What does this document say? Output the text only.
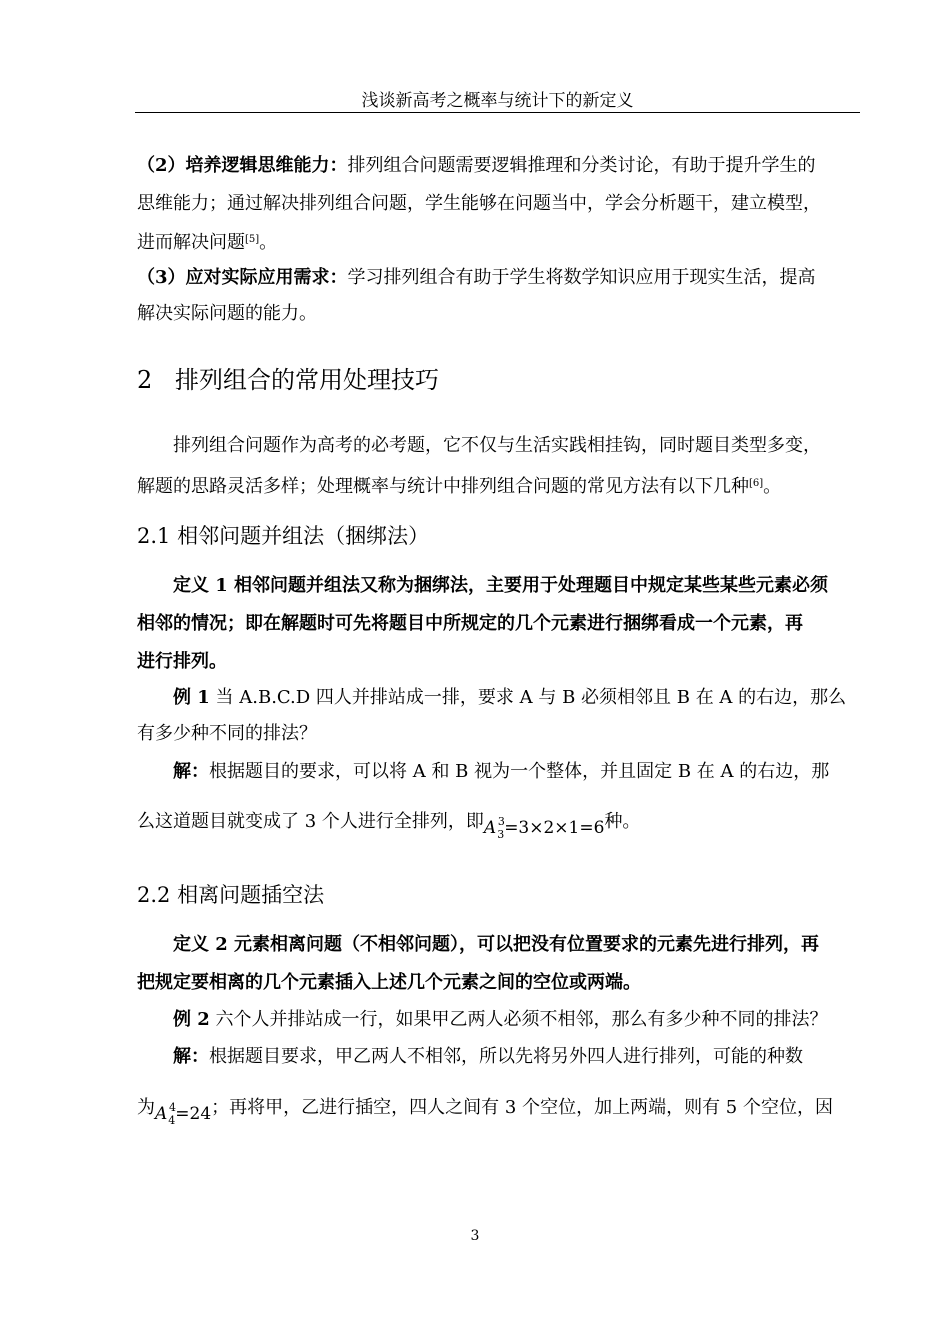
浅谈新高考之概率与统计下的新定义
（2）培养逻辑思维能力：排列组合问题需要逻辑推理和分类讨论，有助于提升学生的
思维能力；通过解决排列组合问题，学生能够在问题当中，学会分析题干，建立模型，
进而解决问题[5]。
（3）应对实际应用需求：学习排列组合有助于学生将数学知识应用于现实生活，提高
解决实际问题的能力。
2 排列组合的常用处理技巧
排列组合问题作为高考的必考题，它不仅与生活实践相挂钩，同时题目类型多变，
解题的思路灵活多样；处理概率与统计中排列组合问题的常见方法有以下几种[6]。
2.1 相邻问题并组法（捆绑法）
定义 1 相邻问题并组法又称为捆绑法，主要用于处理题目中规定某些某些元素必须
相邻的情况；即在解题时可先将题目中所规定的几个元素进行捆绑看成一个元素，再
进行排列。
例 1 当 A.B.C.D 四人并排站成一排，要求 A 与 B 必须相邻且 B 在 A 的右边，那么
有多少种不同的排法？
解：根据题目的要求，可以将 A 和 B 视为一个整体，并且固定 B 在 A 的右边，那
么这道题目就变成了 3 个人进行全排列，即$A_3$
3 =3×2×1=6种。
2.2 相离问题插空法
定义 2 元素相离问题（不相邻问题），可以把没有位置要求的元素先进行排列，再
把规定要相离的几个元素插入上述几个元素之间的空位或两端。
例 2 六个人并排站成一行，如果甲乙两人必须不相邻，那么有多少种不同的排法？
解：根据题目要求，甲乙两人不相邻，所以先将另外四人进行排列，可能的种数
为$A_4$
4 =24；再将甲，乙进行插空，四人之间有 3 个空位，加上两端，则有 5 个空位，因
3
